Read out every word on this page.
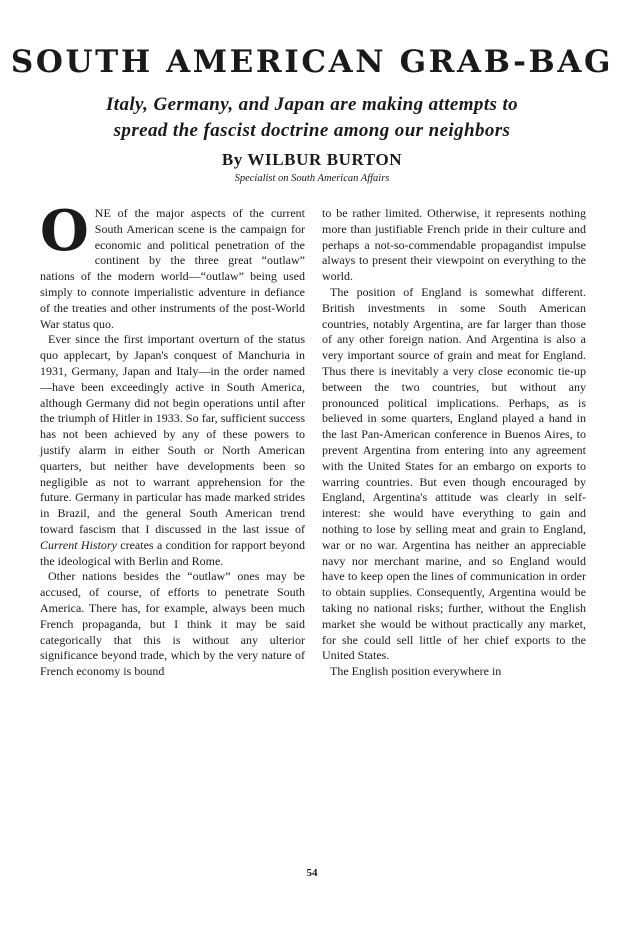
SOUTH AMERICAN GRAB-BAG
Italy, Germany, and Japan are making attempts to
spread the fascist doctrine among our neighbors
By WILBUR BURTON
Specialist on South American Affairs

ONE of the major aspects of the current South American scene is the campaign for economic and political penetration of the continent by the three great “outlaw” nations of the modern world—“outlaw” being used simply to connote imperialistic adventure in defiance of the treaties and other instruments of the post-World War status quo.

Ever since the first important overturn of the status quo applecart, by Japan's conquest of Manchuria in 1931, Germany, Japan and Italy—in the order named—have been exceedingly active in South America, although Germany did not begin operations until after the triumph of Hitler in 1933. So far, sufficient success has not been achieved by any of these powers to justify alarm in either South or North American quarters, but neither have developments been so negligible as not to warrant apprehension for the future. Germany in particular has made marked strides in Brazil, and the general South American trend toward fascism that I discussed in the last issue of Current History creates a condition for rapport beyond the ideological with Berlin and Rome.

Other nations besides the “outlaw” ones may be accused, of course, of efforts to penetrate South America. There has, for example, always been much French propaganda, but I think it may be said categorically that this is without any ulterior significance beyond trade, which by the very nature of French economy is bound

to be rather limited. Otherwise, it represents nothing more than justifiable French pride in their culture and perhaps a not-so-commendable propagandist impulse always to present their viewpoint on everything to the world.

The position of England is somewhat different. British investments in some South American countries, notably Argentina, are far larger than those of any other foreign nation. And Argentina is also a very important source of grain and meat for England. Thus there is inevitably a very close economic tie-up between the two countries, but without any pronounced political implications. Perhaps, as is believed in some quarters, England played a hand in the last Pan-American conference in Buenos Aires, to prevent Argentina from entering into any agreement with the United States for an embargo on exports to warring countries. But even though encouraged by England, Argentina's attitude was clearly in self-interest: she would have everything to gain and nothing to lose by selling meat and grain to England, war or no war. Argentina has neither an appreciable navy nor merchant marine, and so England would have to keep open the lines of communication in order to obtain supplies. Consequently, Argentina would be taking no national risks; further, without the English market she would be without practically any market, for she could sell little of her chief exports to the United States.

The English position everywhere in

54
